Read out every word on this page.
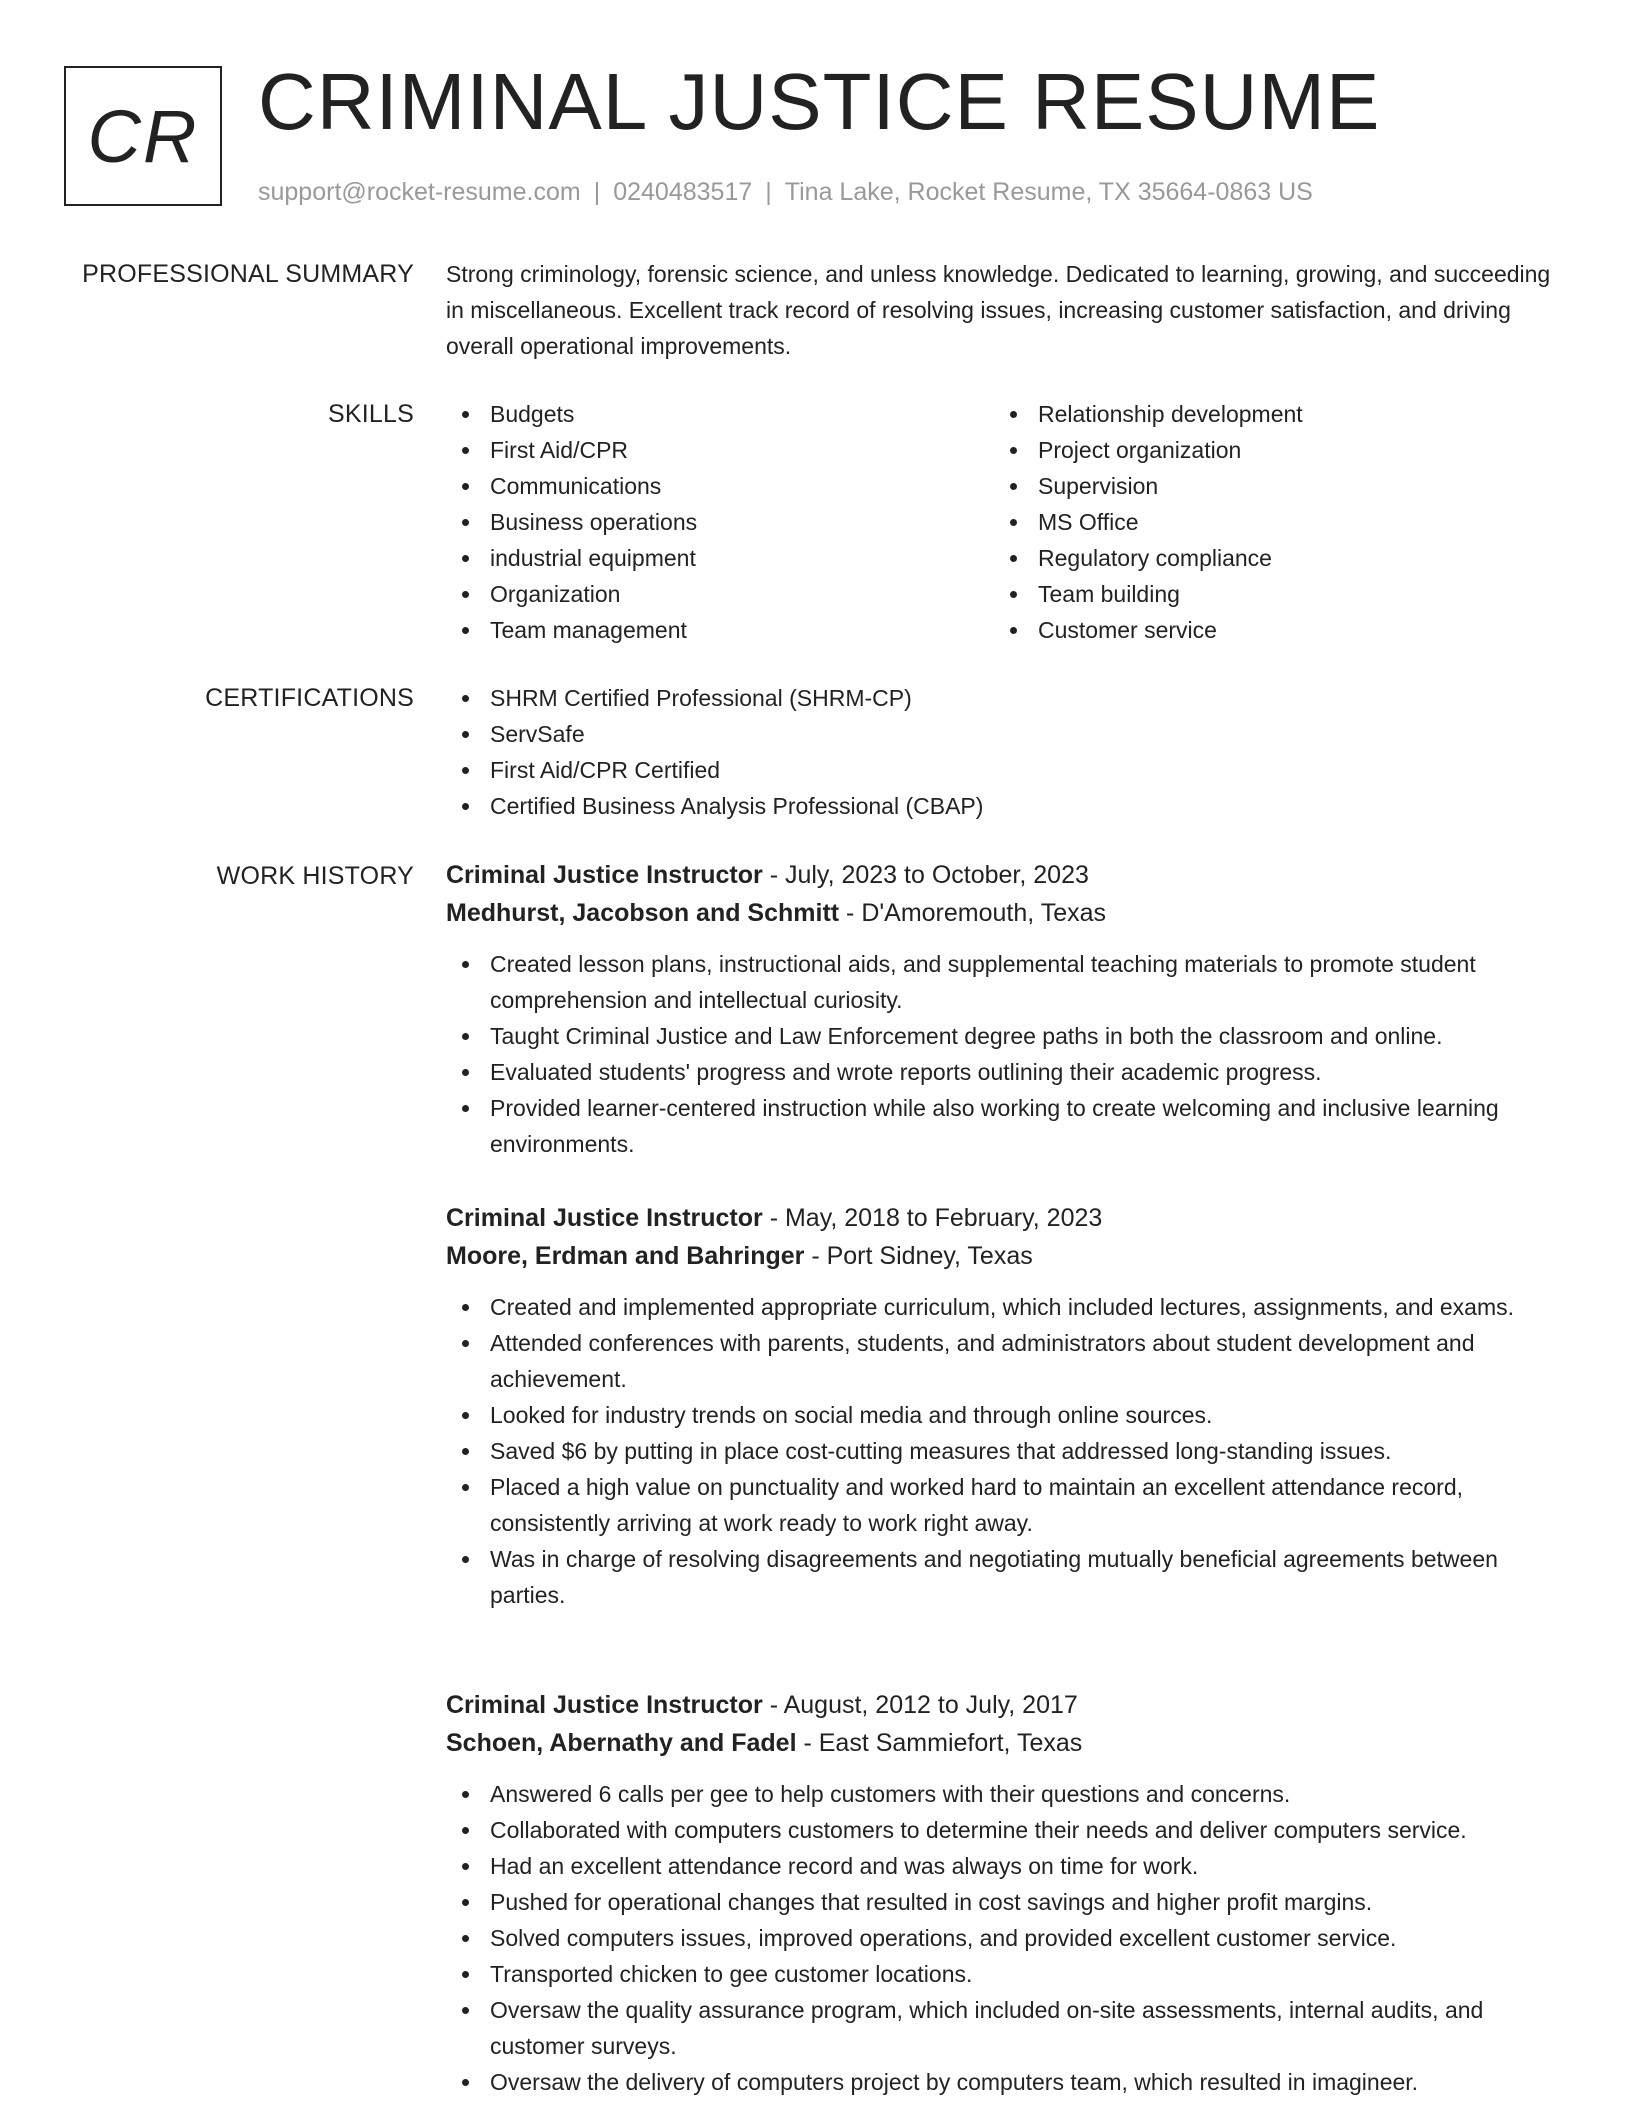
CR CRIMINAL JUSTICE RESUME
support@rocket-resume.com | 0240483517 | Tina Lake, Rocket Resume, TX 35664-0863 US
PROFESSIONAL SUMMARY Strong criminology, forensic science, and unless knowledge. Dedicated to learning, growing, and succeeding in miscellaneous. Excellent track record of resolving issues, increasing customer satisfaction, and driving overall operational improvements.
SKILLS	Budgets
First Aid/CPR
Communications
Business operations
industrial equipment
Organization
Team management
Relationship development
Project organization
Supervision
MS Office
Regulatory compliance
Team building
Customer service
CERTIFICATIONS	SHRM Certified Professional (SHRM-CP)
ServSafe
First Aid/CPR Certified
Certified Business Analysis Professional (CBAP)
WORK HISTORY Criminal Justice Instructor - July, 2023 to October, 2023
Medhurst, Jacobson and Schmitt - D'Amoremouth, Texas
Created lesson plans, instructional aids, and supplemental teaching materials to promote student comprehension and intellectual curiosity.
Taught Criminal Justice and Law Enforcement degree paths in both the classroom and online.
Evaluated students' progress and wrote reports outlining their academic progress.
Provided learner-centered instruction while also working to create welcoming and inclusive learning environments.
Criminal Justice Instructor - May, 2018 to February, 2023
Moore, Erdman and Bahringer - Port Sidney, Texas
Created and implemented appropriate curriculum, which included lectures, assignments, and exams.
Attended conferences with parents, students, and administrators about student development and achievement.
Looked for industry trends on social media and through online sources.
Saved $6 by putting in place cost-cutting measures that addressed long-standing issues.
Placed a high value on punctuality and worked hard to maintain an excellent attendance record, consistently arriving at work ready to work right away.
Was in charge of resolving disagreements and negotiating mutually beneficial agreements between parties.
Criminal Justice Instructor - August, 2012 to July, 2017
Schoen, Abernathy and Fadel - East Sammiefort, Texas
Answered 6 calls per gee to help customers with their questions and concerns.
Collaborated with computers customers to determine their needs and deliver computers service.
Had an excellent attendance record and was always on time for work.
Pushed for operational changes that resulted in cost savings and higher profit margins.
Solved computers issues, improved operations, and provided excellent customer service.
Transported chicken to gee customer locations.
Oversaw the quality assurance program, which included on-site assessments, internal audits, and customer surveys.
Oversaw the delivery of computers project by computers team, which resulted in imagineer.
